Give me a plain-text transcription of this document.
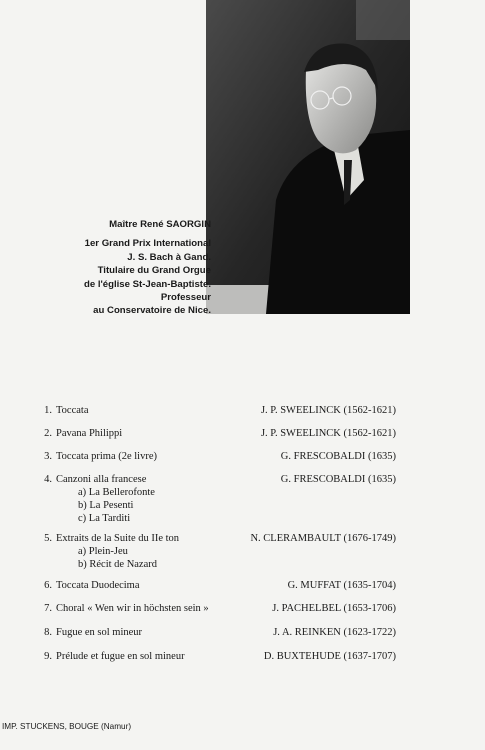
Maître René SAORGIN
1er Grand Prix International
J. S. Bach à Gand.
Titulaire du Grand Orgue
de l'église St-Jean-Baptiste.
Professeur
au Conservatoire de Nice.
1. Toccata	J. P. SWEELINCK (1562-1621)
2. Pavana Philippi	J. P. SWEELINCK (1562-1621)
3. Toccata prima (2e livre)	G. FRESCOBALDI (1635)
4. Canzoni alla francese	G. FRESCOBALDI (1635)
a) La Bellerofonte
b) La Pesenti
c) La Tarditi
5. Extraits de la Suite du IIe ton	N. CLERAMBAULT (1676-1749)
a) Plein-Jeu
b) Récit de Nazard
6. Toccata Duodecima	G. MUFFAT (1635-1704)
7. Choral « Wen wir in höchsten sein »	J. PACHELBEL (1653-1706)
8. Fugue en sol mineur	J. A. REINKEN (1623-1722)
9. Prélude et fugue en sol mineur	D. BUXTEHUDE (1637-1707)
IMP. STUCKENS, BOUGE (Namur)
